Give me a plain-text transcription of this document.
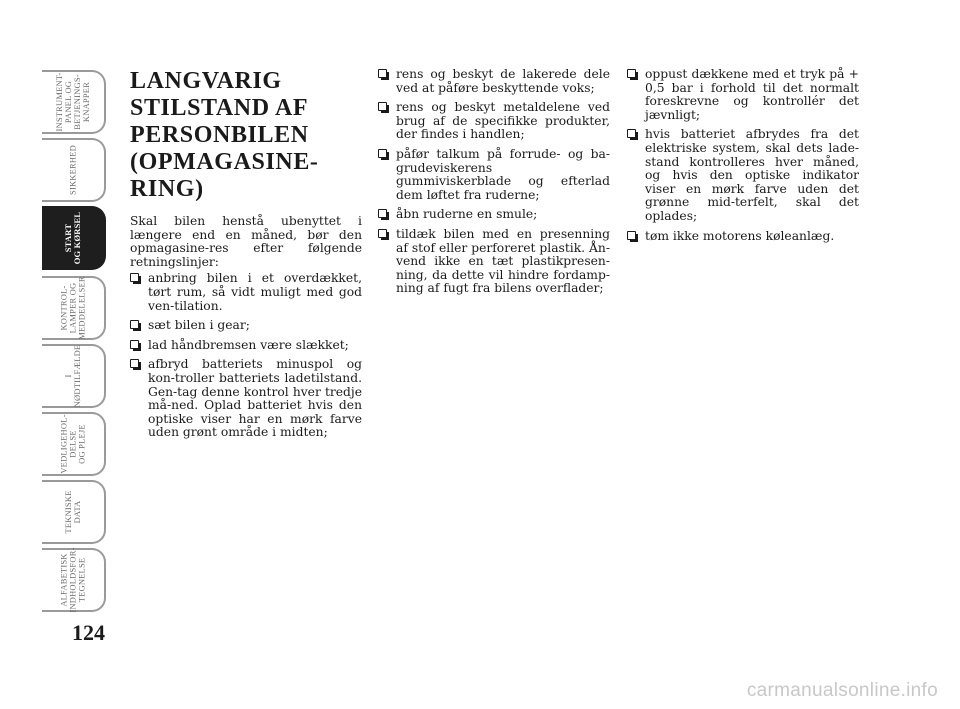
INSTRUMENT-
PANEL OG
BETJENINGS-
KNAPPER
SIKKERHED
START
OG KØRSEL
KONTROL-
LAMPER OG
MEDDELELSER
I
NØDTILFÆLDE
VEDLIGEHOL-
DELSE
OG PLEJE
TEKNISKE
DATA
ALFABETISK
INDHOLDSFOR-
TEGNELSE
124
LANGVARIG STILSTAND AF PERSONBILEN (OPMAGASINE-RING)

Skal bilen henstå ubenyttet i længere end en måned, bør den opmagasine-res efter følgende retningslinjer:

anbring bilen i et overdækket, tørt rum, så vidt muligt med god ven-tilation.
sæt bilen i gear;
lad håndbremsen være slækket;
afbryd batteriets minuspol og kon-troller batteriets ladetilstand. Gen-tag denne kontrol hver tredje må-ned. Oplad batteriet hvis den optiske viser har en mørk farve uden grønt område i midten;
rens og beskyt de lakerede dele ved at påføre beskyttende voks;
rens og beskyt metaldelene ved brug af de specifikke produkter, der findes i handlen;
påfør talkum på forrude- og ba-grudeviskerens gummiviskerblade og efterlad dem løftet fra ruderne;
åbn ruderne en smule;
tildæk bilen med en presenning af stof eller perforeret plastik. Ån-vend ikke en tæt plastikpresen-ning, da dette vil hindre fordamp-ning af fugt fra bilens overflader;
oppust dækkene med et tryk på + 0,5 bar i forhold til det normalt foreskrevne og kontrollér det jævnligt;
hvis batteriet afbrydes fra det elektriske system, skal dets lade-stand kontrolleres hver måned, og hvis den optiske indikator viser en mørk farve uden det grønne mid-terfelt, skal det oplades;
tøm ikke motorens køleanlæg.
carmanualsonline.info
